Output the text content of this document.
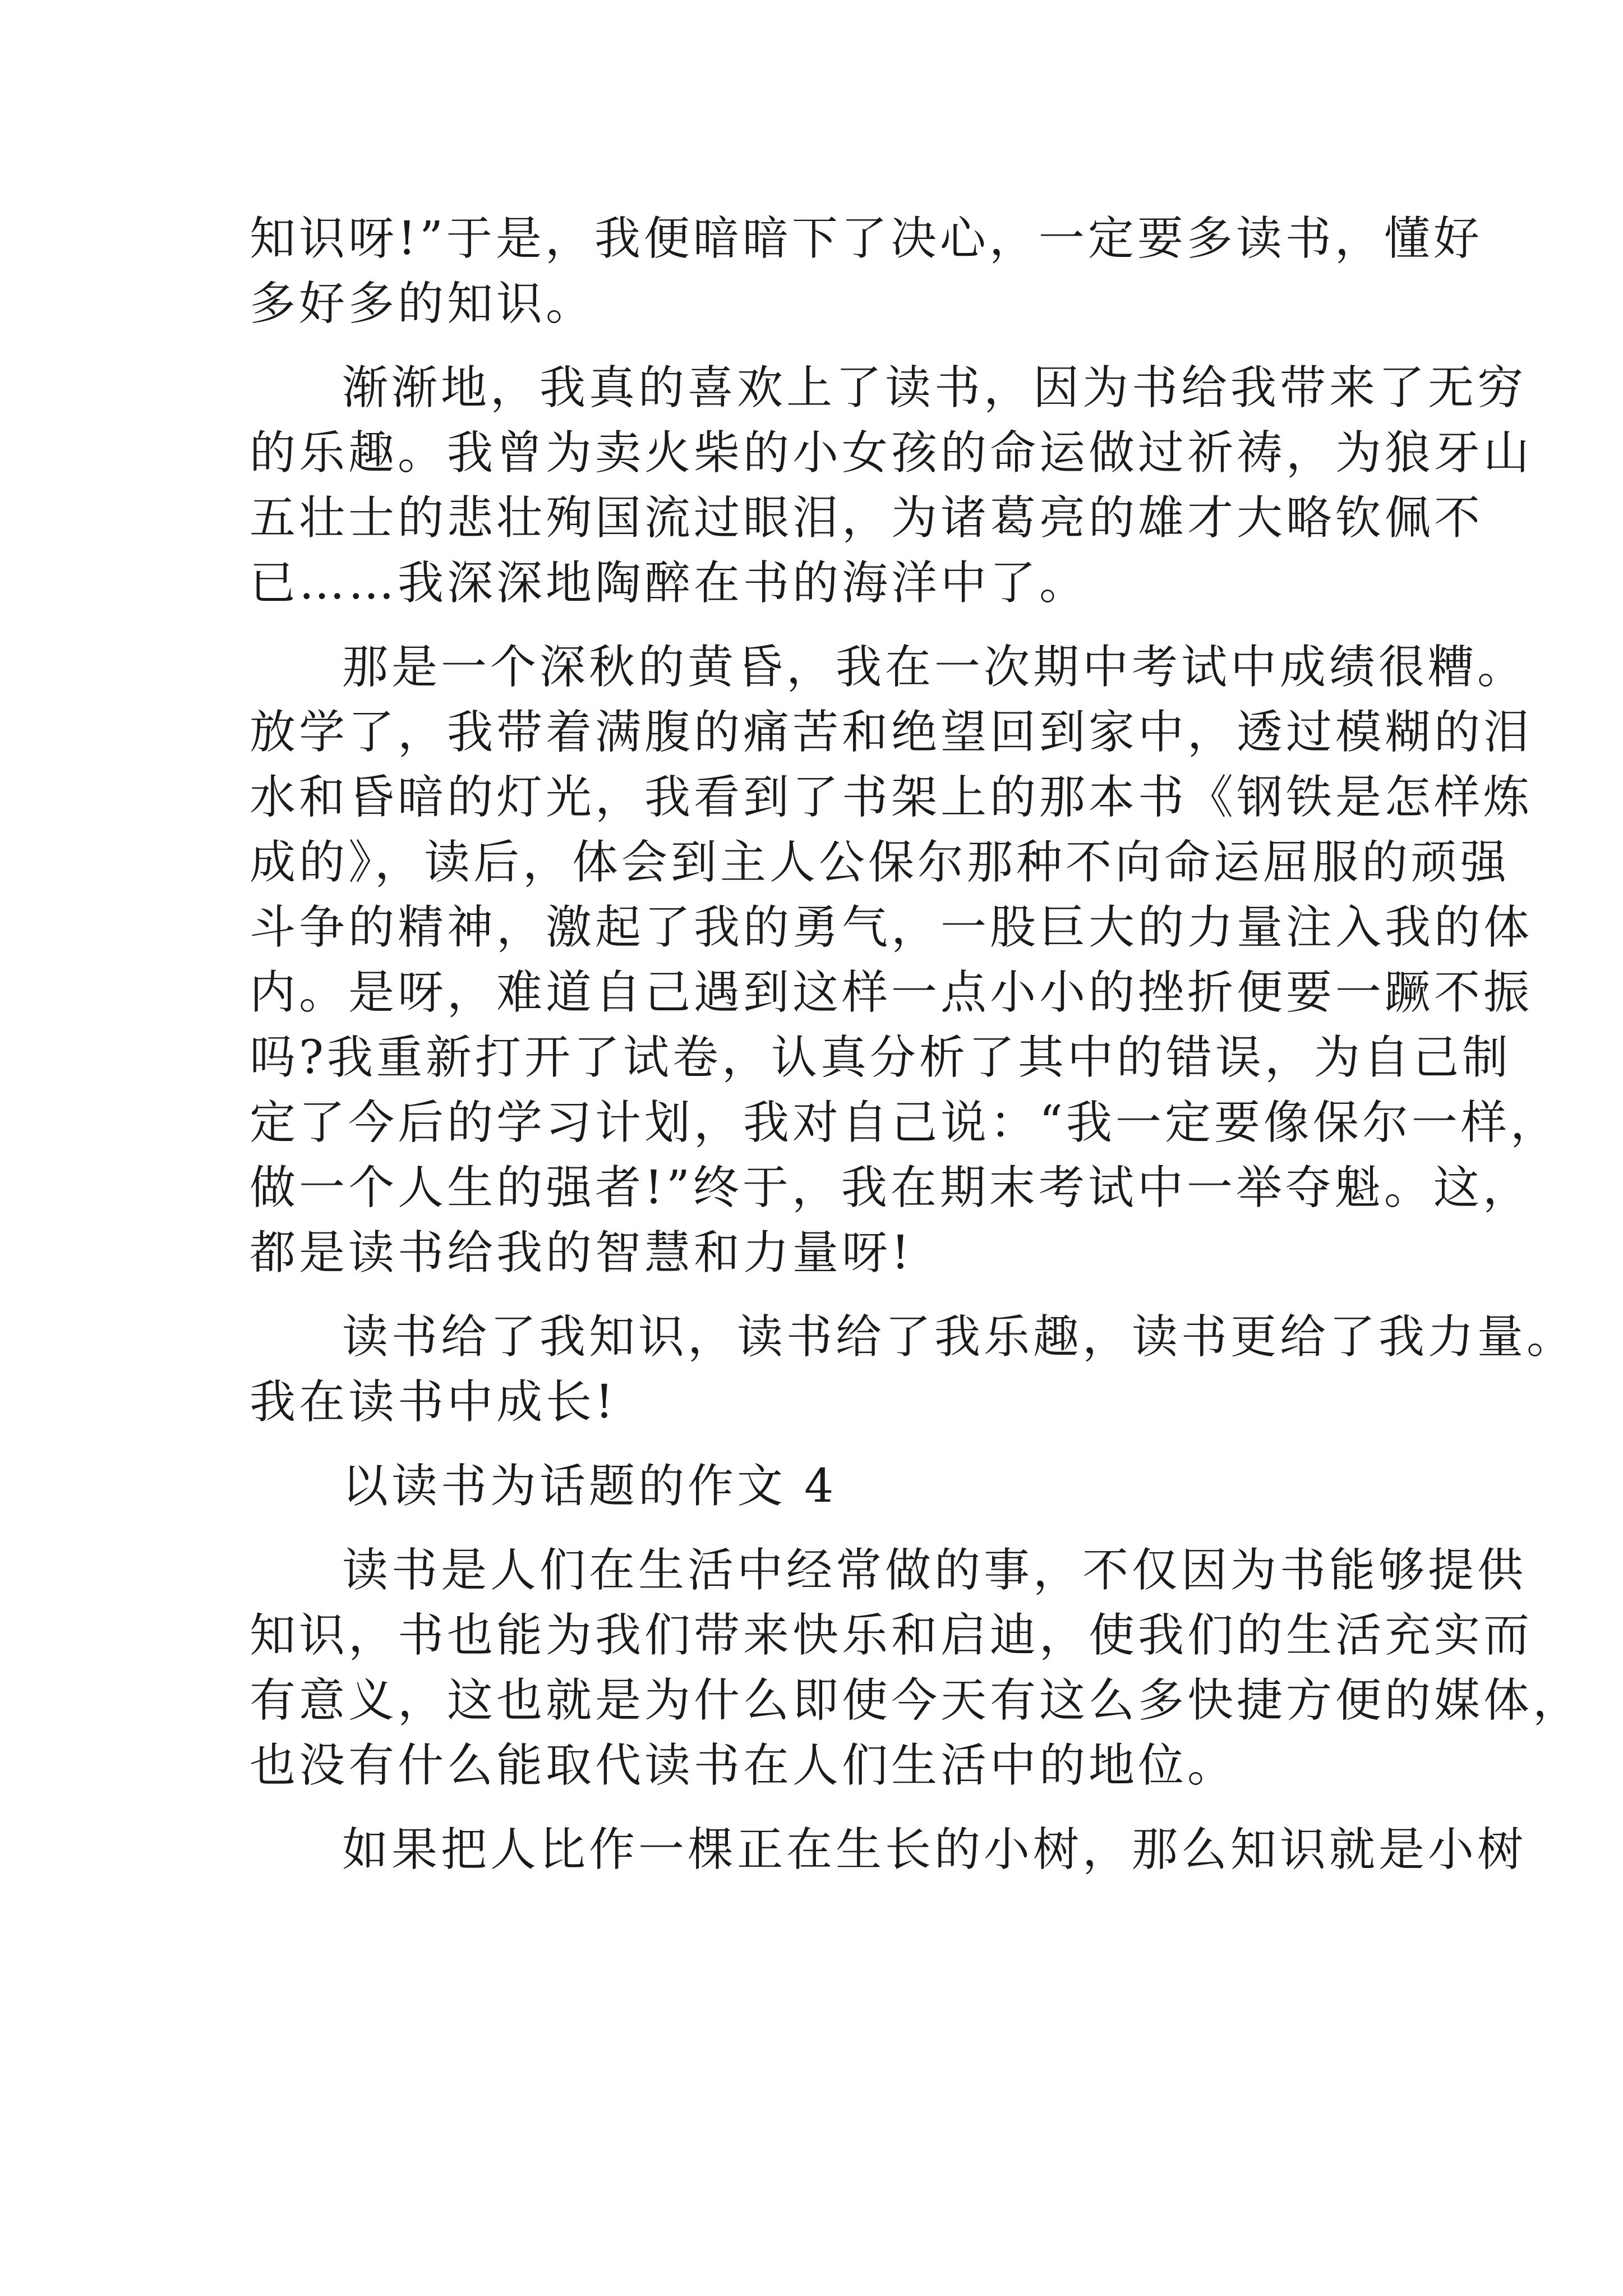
知识呀!”于是，我便暗暗下了决心，一定要多读书，懂好
多好多的知识。
渐渐地，我真的喜欢上了读书，因为书给我带来了无穷
的乐趣。我曾为卖火柴的小女孩的命运做过祈祷，为狼牙山
五壮士的悲壮殉国流过眼泪，为诸葛亮的雄才大略钦佩不
已……我深深地陶醉在书的海洋中了。
那是一个深秋的黄昏，我在一次期中考试中成绩很糟。
放学了，我带着满腹的痛苦和绝望回到家中，透过模糊的泪
水和昏暗的灯光，我看到了书架上的那本书《钢铁是怎样炼
成的》，读后，体会到主人公保尔那种不向命运屈服的顽强
斗争的精神，激起了我的勇气，一股巨大的力量注入我的体
内。是呀，难道自己遇到这样一点小小的挫折便要一蹶不振
吗?我重新打开了试卷，认真分析了其中的错误，为自己制
定了今后的学习计划，我对自己说：“我一定要像保尔一样，
做一个人生的强者!”终于，我在期末考试中一举夺魁。这，
都是读书给我的智慧和力量呀!
读书给了我知识，读书给了我乐趣，读书更给了我力量。
我在读书中成长!
以读书为话题的作文 4
读书是人们在生活中经常做的事，不仅因为书能够提供
知识，书也能为我们带来快乐和启迪，使我们的生活充实而
有意义，这也就是为什么即使今天有这么多快捷方便的媒体，
也没有什么能取代读书在人们生活中的地位。
如果把人比作一棵正在生长的小树，那么知识就是小树
